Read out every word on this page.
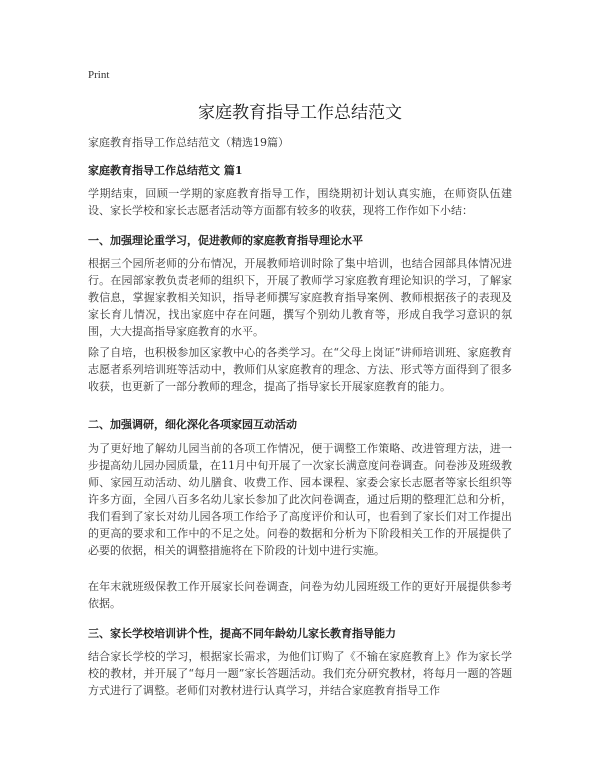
Print
家庭教育指导工作总结范文
家庭教育指导工作总结范文（精选19篇）
家庭教育指导工作总结范文 篇1

学期结束，回顾一学期的家庭教育指导工作，围绕期初计划认真实施，在师资队伍建设、家长学校和家长志愿者活动等方面都有较多的收获，现将工作作如下小结：

一、加强理论重学习，促进教师的家庭教育指导理论水平

根据三个园所老师的分布情况，开展教师培训时除了集中培训，也结合园部具体情况进行。在园部家教负责老师的组织下，开展了教师学习家庭教育理论知识的学习，了解家教信息，掌握家教相关知识，指导老师撰写家庭教育指导案例、教师根据孩子的表现及家长育儿情况，找出家庭中存在问题，撰写个别幼儿教育等，形成自我学习意识的氛围，大大提高指导家庭教育的水平。

除了自培，也积极参加区家教中心的各类学习。在“父母上岗证”讲师培训班、家庭教育志愿者系列培训班等活动中，教师们从家庭教育的理念、方法、形式等方面得到了很多收获，也更新了一部分教师的理念，提高了指导家长开展家庭教育的能力。

二、加强调研，细化深化各项家园互动活动

为了更好地了解幼儿园当前的各项工作情况，便于调整工作策略、改进管理方法，进一步提高幼儿园办园质量，在11月中旬开展了一次家长满意度问卷调查。问卷涉及班级教师、家园互动活动、幼儿膳食、收费工作、园本课程、家委会家长志愿者等家长组织等许多方面，全园八百多名幼儿家长参加了此次问卷调查，通过后期的整理汇总和分析，我们看到了家长对幼儿园各项工作给予了高度评价和认可，也看到了家长们对工作提出的更高的要求和工作中的不足之处。问卷的数据和分析为下阶段相关工作的开展提供了必要的依据，相关的调整措施将在下阶段的计划中进行实施。

在年末就班级保教工作开展家长问卷调查，问卷为幼儿园班级工作的更好开展提供参考依据。

三、家长学校培训讲个性，提高不同年龄幼儿家长教育指导能力

结合家长学校的学习，根据家长需求，为他们订购了《不输在家庭教育上》作为家长学校的教材，并开展了“每月一题”家长答题活动。我们充分研究教材，将每月一题的答题方式进行了调整。老师们对教材进行认真学习，并结合家庭教育指导工作
